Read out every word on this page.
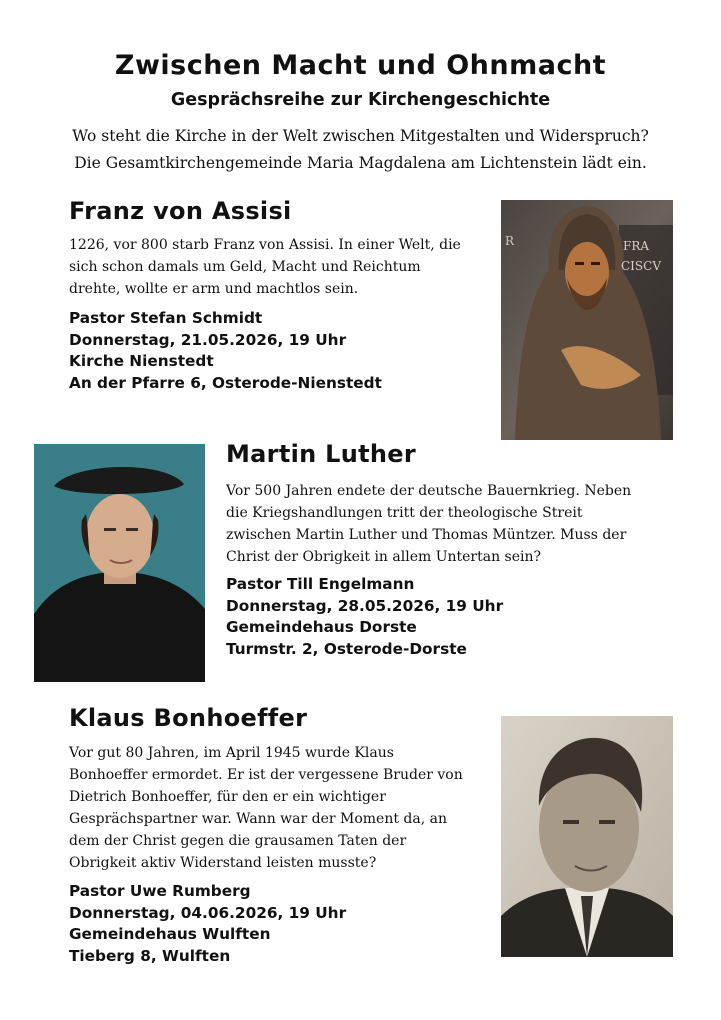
Zwischen Macht und Ohnmacht
Gesprächsreihe zur Kirchengeschichte
Wo steht die Kirche in der Welt zwischen Mitgestalten und Widerspruch?
Die Gesamtkirchengemeinde Maria Magdalena am Lichtenstein lädt ein.
Franz von Assisi
1226, vor 800 starb Franz von Assisi. In einer Welt, die
sich schon damals um Geld, Macht und Reichtum
drehte, wollte er arm und machtlos sein.
Pastor Stefan Schmidt
Donnerstag, 21.05.2026, 19 Uhr
Kirche Nienstedt
An der Pfarre 6, Osterode-Nienstedt
R	FRA
CISCV
Martin Luther
Vor 500 Jahren endete der deutsche Bauernkrieg. Neben
die Kriegshandlungen tritt der theologische Streit
zwischen Martin Luther und Thomas Müntzer. Muss der
Christ der Obrigkeit in allem Untertan sein?
Pastor Till Engelmann
Donnerstag, 28.05.2026, 19 Uhr
Gemeindehaus Dorste
Turmstr. 2, Osterode-Dorste
Klaus Bonhoeffer
Vor gut 80 Jahren, im April 1945 wurde Klaus
Bonhoeffer ermordet. Er ist der vergessene Bruder von
Dietrich Bonhoeffer, für den er ein wichtiger
Gesprächspartner war. Wann war der Moment da, an
dem der Christ gegen die grausamen Taten der
Obrigkeit aktiv Widerstand leisten musste?
Pastor Uwe Rumberg
Donnerstag, 04.06.2026, 19 Uhr
Gemeindehaus Wulften
Tieberg 8, Wulften
